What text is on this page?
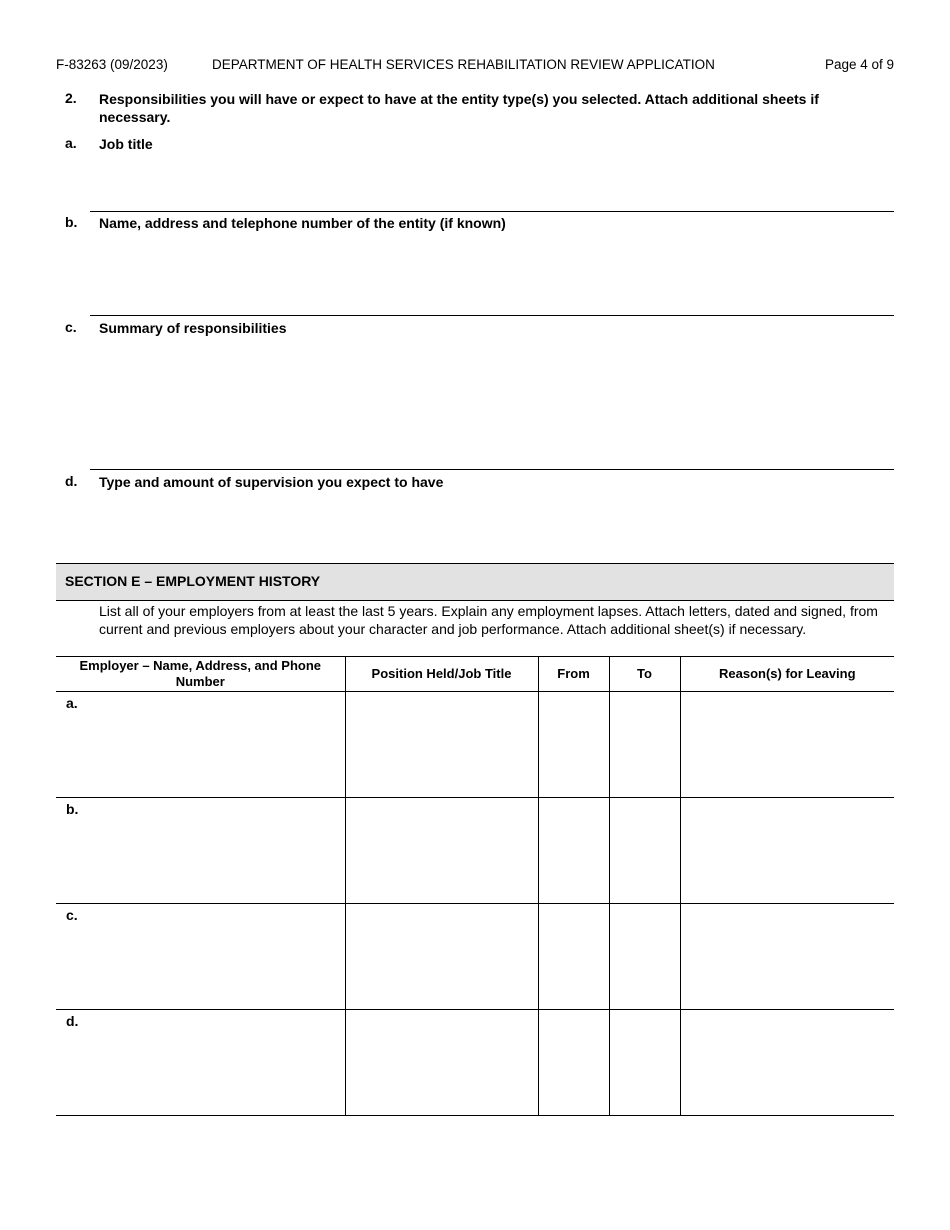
F-83263 (09/2023)	DEPARTMENT OF HEALTH SERVICES REHABILITATION REVIEW APPLICATION	Page 4 of 9
2. Responsibilities you will have or expect to have at the entity type(s) you selected. Attach additional sheets if necessary.
a. Job title
b. Name, address and telephone number of the entity (if known)
c. Summary of responsibilities
d. Type and amount of supervision you expect to have
SECTION E – EMPLOYMENT HISTORY
List all of your employers from at least the last 5 years. Explain any employment lapses. Attach letters, dated and signed, from current and previous employers about your character and job performance. Attach additional sheet(s) if necessary.
Employer – Name, Address, and Phone Number	Position Held/Job Title	From	To	Reason(s) for Leaving

a.				

b.				

c.				

d.				
